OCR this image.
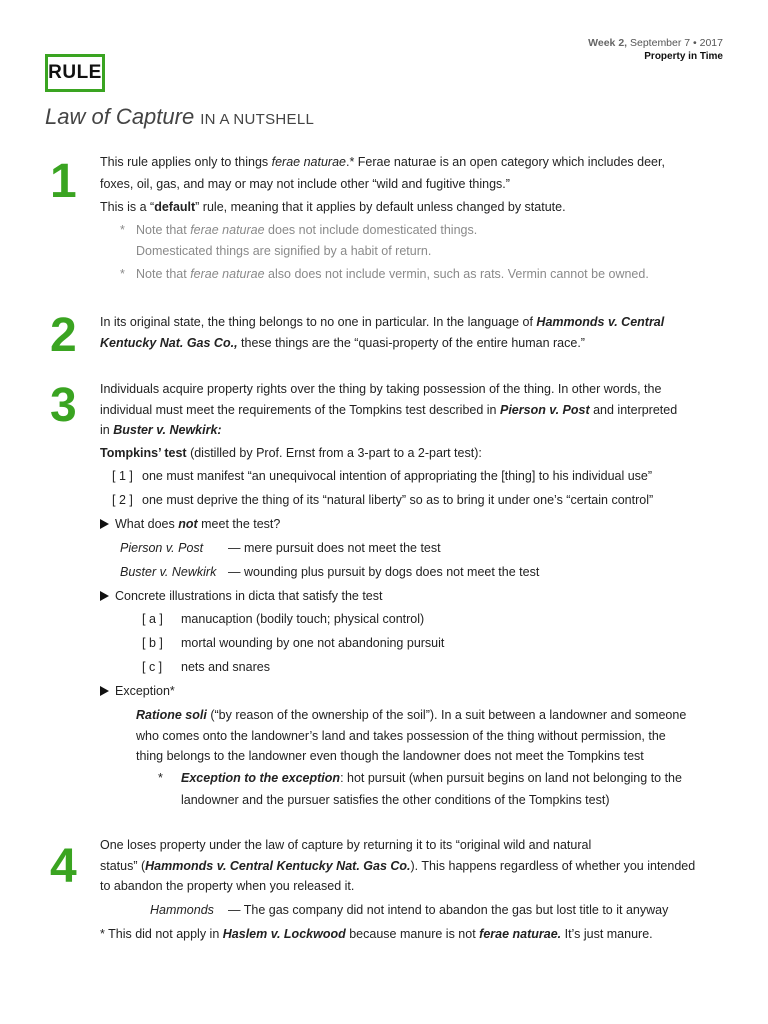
Week 2, September 7 • 2017
Property in Time
RULE
Law of Capture IN A NUTSHELL
1 This rule applies only to things ferae naturae.* Ferae naturae is an open category which includes deer,
foxes, oil, gas, and may or may not include other “wild and fugitive things.”
This is a “default” rule, meaning that it applies by default unless changed by statute.
* Note that ferae naturae does not include domesticated things.
Domesticated things are signified by a habit of return.
* Note that ferae naturae also does not include vermin, such as rats. Vermin cannot be owned.
2 In its original state, the thing belongs to no one in particular. In the language of Hammonds v. Central
Kentucky Nat. Gas Co., these things are the “quasi-property of the entire human race.”
3 Individuals acquire property rights over the thing by taking possession of the thing. In other words, the
individual must meet the requirements of the Tompkins test described in Pierson v. Post and interpreted
in Buster v. Newkirk:
Tompkins’ test (distilled by Prof. Ernst from a 3-part to a 2-part test):
[ 1 ] one must manifest “an unequivocal intention of appropriating the [thing] to his individual use”
[ 2 ] one must deprive the thing of its “natural liberty” so as to bring it under one’s “certain control”
What does not meet the test?
Pierson v. Post — mere pursuit does not meet the test
Buster v. Newkirk — wounding plus pursuit by dogs does not meet the test
Concrete illustrations in dicta that satisfy the test
[ a ] manucaption (bodily touch; physical control)
[ b ] mortal wounding by one not abandoning pursuit
[ c ] nets and snares
Exception*
Ratione soli (“by reason of the ownership of the soil”). In a suit between a landowner and someone
who comes onto the landowner’s land and takes possession of the thing without permission, the
thing belongs to the landowner even though the landowner does not meet the Tompkins test
* Exception to the exception: hot pursuit (when pursuit begins on land not belonging to the
landowner and the pursuer satisfies the other conditions of the Tompkins test)
4 One loses property under the law of capture by returning it to its “original wild and natural
status” (Hammonds v. Central Kentucky Nat. Gas Co.). This happens regardless of whether you intended
to abandon the property when you released it.
Hammonds — The gas company did not intend to abandon the gas but lost title to it anyway
* This did not apply in Haslem v. Lockwood because manure is not ferae naturae. It’s just manure.
